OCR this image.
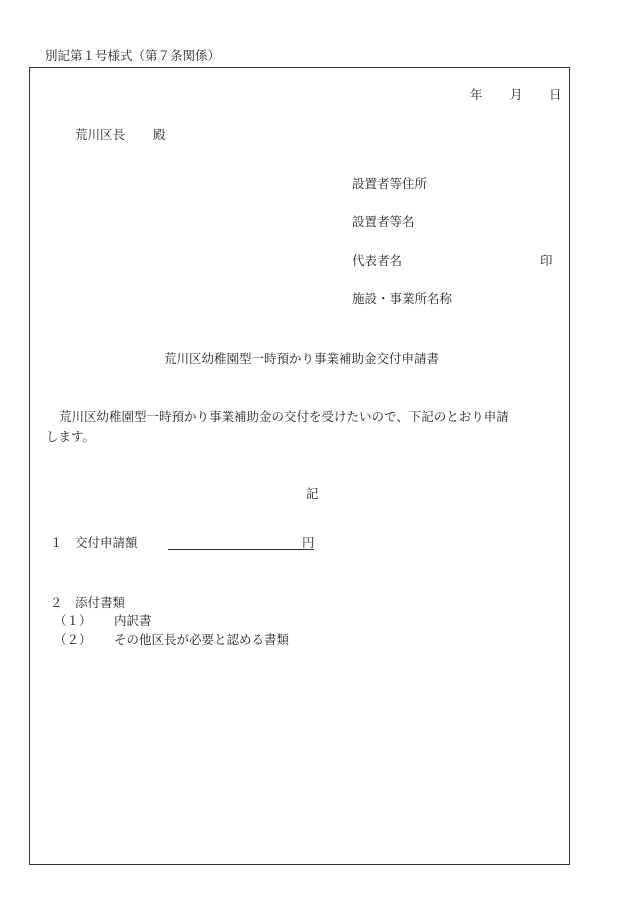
別記第１号様式（第７条関係）
年 月 日
荒川区長 殿
設置者等住所
設置者等名
代表者名	印
施設・事業所名称
荒川区幼稚園型一時預かり事業補助金交付申請書
荒川区幼稚園型一時預かり事業補助金の交付を受けたいので、下記のとおり申請
します。
記
１ 交付申請額	円
２ 添付書類
（１） 内訳書
（２） その他区長が必要と認める書類
